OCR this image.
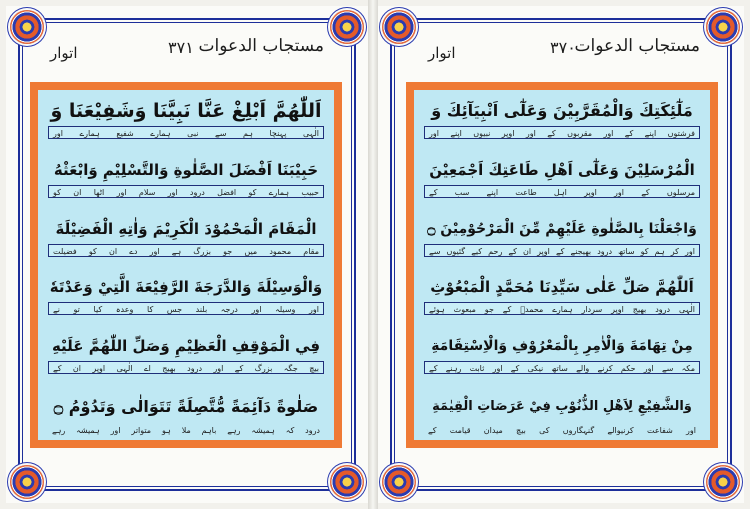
اتوار	۳۷۱ مستجاب الدعوات
اَللّٰهُمَّ اَبْلِغْ عَنَّا نَبِيَّنَا وَشَفِيْعَنَا وَ
الٰہی پہنچا ہم سے نبی ہمارے شفیع ہمارے اور
حَبِيْبَنَا اَفْضَلَ الصَّلٰوةِ وَالتَّسْلِيْمِ وَابْعَثْهُ
حبیب ہمارے کو افضل درود اور سلام اور اٹھا ان کو
الْمَقَامَ الْمَحْمُوْدَ الْكَرِيْمَ وَاٰتِهِ الْفَضِيْلَةَ
مقام محمود میں جو بزرگ ہے اور دے ان کو فضیلت
وَالْوَسِيْلَةَ وَالدَّرَجَةَ الرَّفِيْعَةَ الَّتِيْ وَعَدْتَهٗ
اور وسیلہ اور درجہ بلند جس کا وعدہ کیا تو نے
فِي الْمَوْقِفِ الْعَظِيْمِ وَصَلِّ اللّٰهُمَّ عَلَيْهِ
بیچ جگہ بزرگ کے اور درود بھیج اے الٰہی اوپر ان کے
صَلٰوةً دَآئِمَةً مُّتَّصِلَةً تَتَوَالٰى وَتَدُوْمُ ۝
درود کہ ہمیشہ رہے باہم ملا ہو متواتر اور ہمیشہ رہے
اتوار	۳۷۰
مستجاب الدعوات
مَلٰٓئِكَتِكَ وَالْمُقَرَّبِيْنَ وَعَلٰٓى اَنْبِيَآئِكَ وَ
فرشتوں اپنے کے اور مقربوں کے اور اوپر نبیوں اپنے اور
الْمُرْسَلِيْنَ وَعَلٰٓى اَهْلِ طَاعَتِكَ اَجْمَعِيْنَ
مرسلوں کے اور اوپر اہل طاعت اپنے سب کے
وَاجْعَلْنَا بِالصَّلٰوةِ عَلَيْهِمْ مِّنَ الْمَرْحُوْمِيْنَ ۝
اور کر ہم کو ساتھ درود بھیجنے کے اوپر ان کے رحم کیے گئیوں سے
اَللّٰهُمَّ صَلِّ عَلٰى سَيِّدِنَا مُحَمَّدٍ الْمَبْعُوْثِ
الٰہی درود بھیج اوپر سردار ہمارے محمدؐ کے جو مبعوث ہوئے
مِنْ تِهَامَةَ وَالْاٰمِرِ بِالْمَعْرُوْفِ وَالْاِسْتِقَامَةِ
مکہ سے اور حکم کرنے والے ساتھ نیکی کے اور ثابت رہنے کے
وَالشَّفِيْعِ لِاَهْلِ الذُّنُوْبِ فِيْ عَرَصَاتِ الْقِيٰمَةِ
اور شفاعت کرنیوالے گنہگاروں کی بیچ میدان قیامت کے
